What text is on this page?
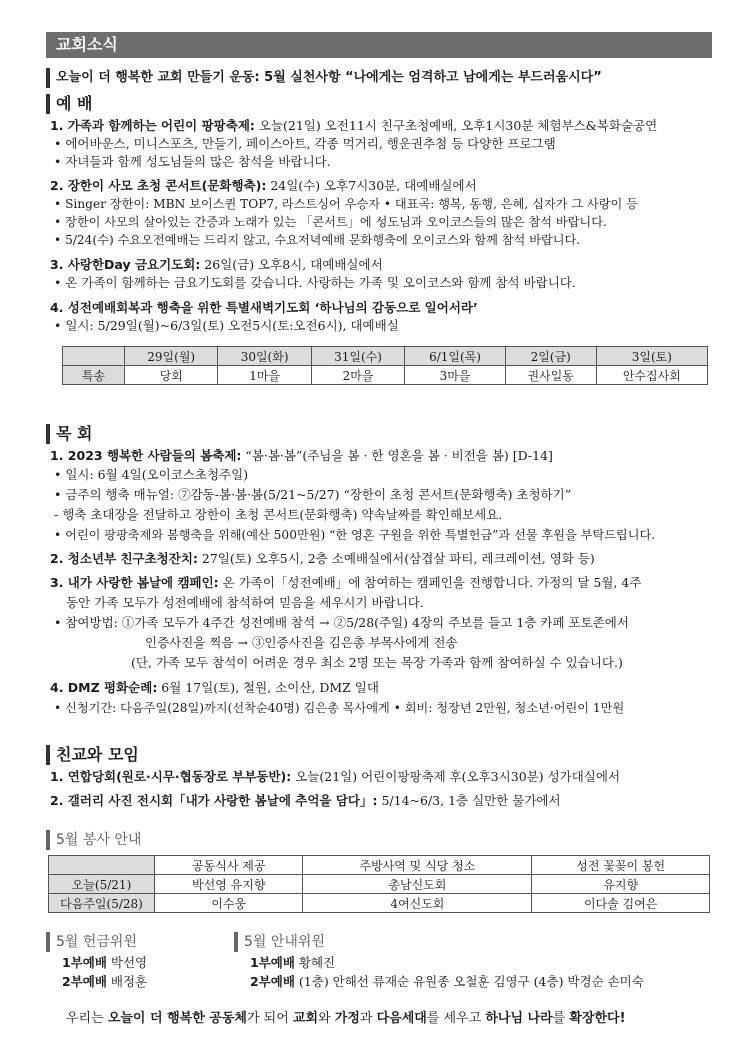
교회소식
오늘이 더 행복한 교회 만들기 운동: 5월 실천사항 “나에게는 엄격하고 남에게는 부드러움시다”
예 배
1. 가족과 함께하는 어린이 팡팡축제: 오늘(21일) 오전11시 친구초청예배, 오후1시30분 체험부스&복화술공연
• 에어바운스, 미니스포츠, 만들기, 페이스아트, 각종 먹거리, 행운권추첨 등 다양한 프로그램
• 자녀들과 함께 성도님들의 많은 참석을 바랍니다.
2. 장한이 사모 초청 콘서트(문화행축): 24일(수) 오후7시30분, 대예배실에서
• Singer 장한이: MBN 보이스퀸 TOP7, 라스트싱어 우승자 • 대표곡: 행복, 동행, 은혜, 십자가 그 사랑이 등
• 장한이 사모의 살아있는 간증과 노래가 있는 「콘서트」에 성도님과 오이코스들의 많은 참석 바랍니다.
• 5/24(수) 수요오전예배는 드리지 않고, 수요저녁예배 문화행축에 오이코스와 함께 참석 바랍니다.
3. 사랑한Day 금요기도회: 26일(금) 오후8시, 대예배실에서
• 온 가족이 함께하는 금요기도회를 갖습니다. 사랑하는 가족 및 오이코스와 함께 참석 바랍니다.
4. 성전예배회복과 행축을 위한 특별새벽기도회 ‘하나님의 감동으로 일어서라’
• 일시: 5/29일(월)~6/3일(토) 오전5시(토:오전6시), 대예배실
	29일(월)	30일(화)	31일(수)	6/1일(목)	2일(금)	3일(토)
특송	당회	1마을	2마을	3마을	권사일동	안수집사회
목 회
1. 2023 행복한 사람들의 봄축제: “봄·봄·봄”(주님을 봄 · 한 영혼을 봄 · 비전을 봄) [D-14]
• 일시: 6월 4일(오이코스초청주일)
• 금주의 행축 매뉴얼: ⑦감동-봄·봄·봄(5/21~5/27) “장한이 초청 콘서트(문화행축) 초청하기”
- 행축 초대장을 전달하고 장한이 초청 콘서트(문화행축) 약속날짜를 확인해보세요.
• 어린이 팡팡축제와 봄행축을 위해(예산 500만원) “한 영혼 구원을 위한 특별헌금”과 선물 후원을 부탁드립니다.
2. 청소년부 친구초청잔치: 27일(토) 오후5시, 2층 소예배실에서(삼겹살 파티, 레크레이션, 영화 등)
3. 내가 사랑한 봄날에 캠페인: 온 가족이「성전예배」에 참여하는 캠페인을 진행합니다. 가정의 달 5월, 4주
동안 가족 모두가 성전예배에 참석하여 믿음을 세우시기 바랍니다.
• 참여방법: ①가족 모두가 4주간 성전예배 참석 → ②5/28(주일) 4장의 주보를 들고 1층 카페 포토존에서
인증사진을 찍음 → ③인증사진을 김은총 부목사에게 전송
(단, 가족 모두 참석이 어려운 경우 최소 2명 또는 목장 가족과 함께 참여하실 수 있습니다.)
4. DMZ 평화순례: 6월 17일(토), 철원, 소이산, DMZ 일대
• 신청기간: 다음주일(28일)까지(선착순40명) 김은총 목사에게 • 회비: 청장년 2만원, 청소년·어린이 1만원
친교와 모임
1. 연합당회(원로·시무·협동장로 부부동반): 오늘(21일) 어린이팡팡축제 후(오후3시30분) 성가대실에서
2. 갤러리 사진 전시회「내가 사랑한 봄날에 추억을 담다」: 5/14~6/3, 1층 실만한 물가에서
5월 봉사 안내
	공동식사 제공	주방사역 및 식당 청소	성전 꽃꽂이 봉헌
오늘(5/21)	박선영 유지향	총남신도회	유지향
다음주일(5/28)	이수웅	4여신도회	이다솔 김여은
5월 헌금위원
1부예배 박선영
2부예배 배정훈
5월 안내위원
1부예배 황혜진
2부예배 (1층) 안해선 류재순 유원종 오철훈 김영구 (4층) 박경순 손미숙
우리는 오늘이 더 행복한 공동체가 되어 교회와 가정과 다음세대를 세우고 하나님 나라를 확장한다!
